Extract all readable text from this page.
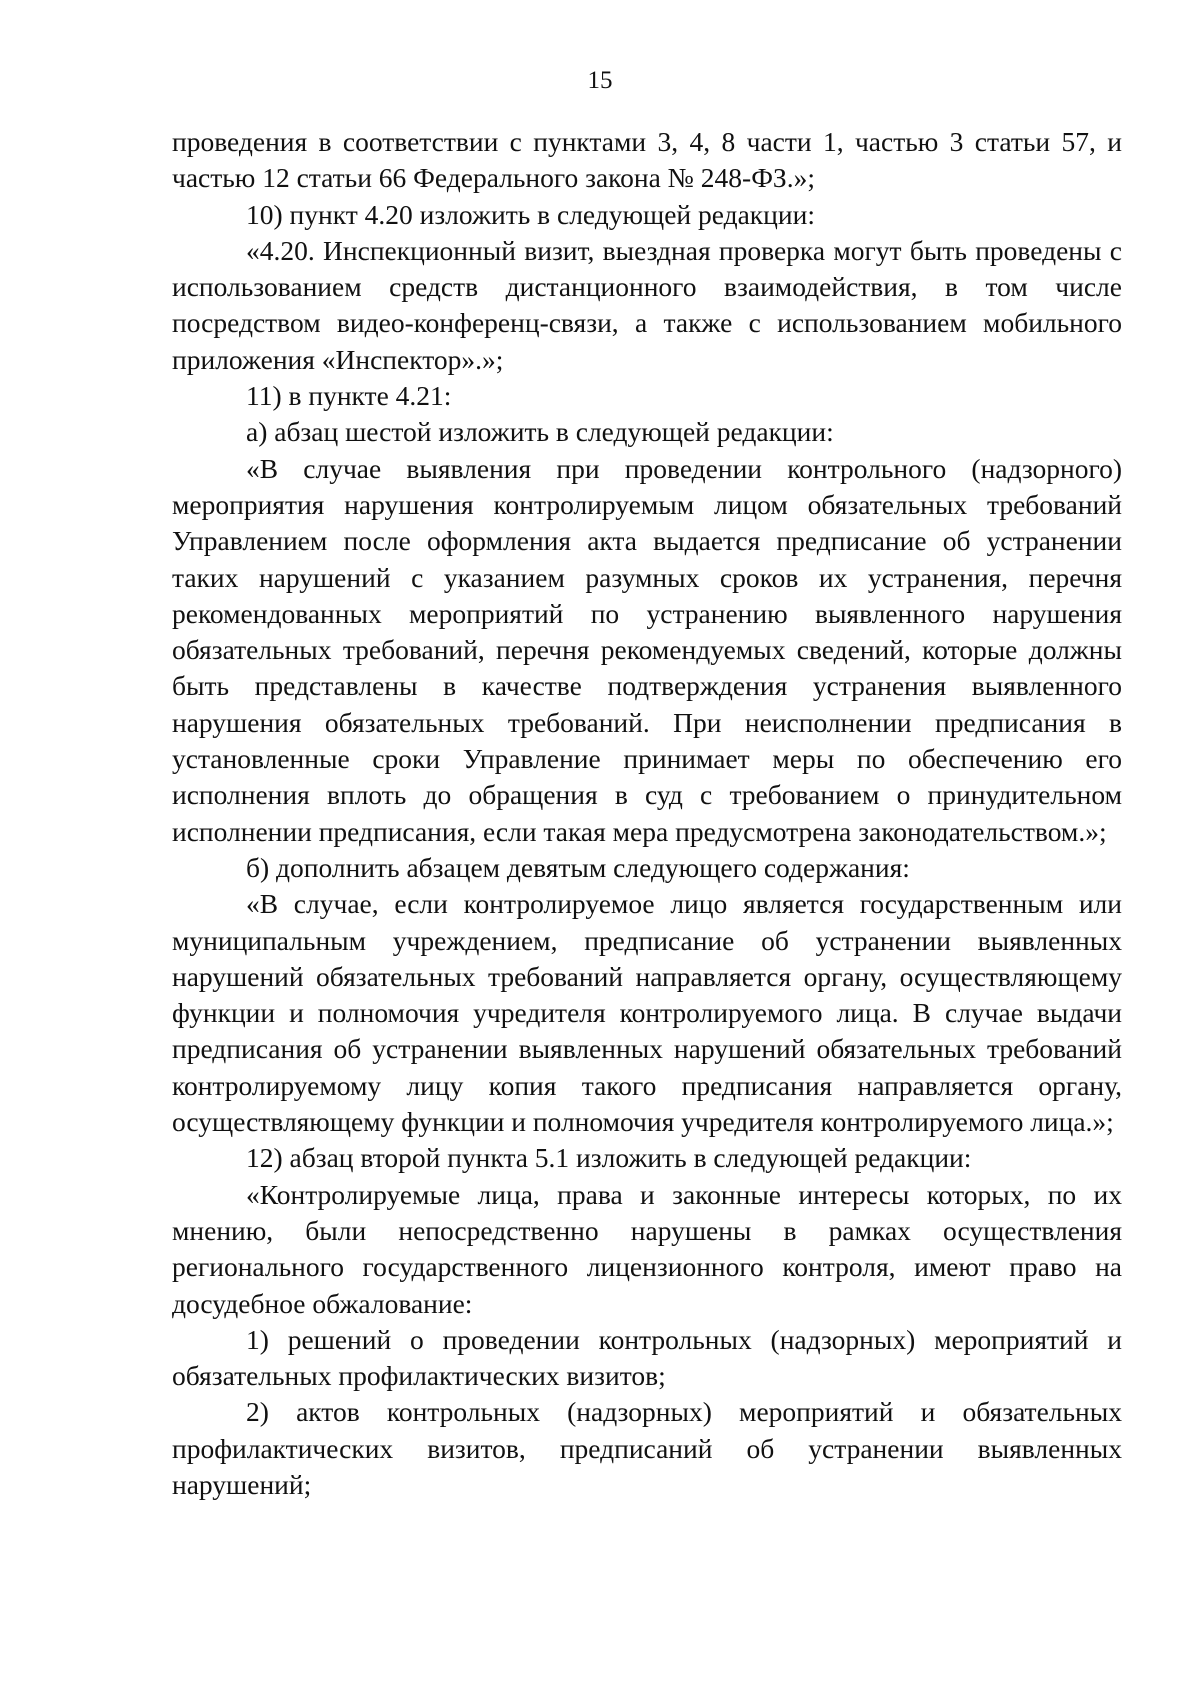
15

проведения в соответствии с пунктами 3, 4, 8 части 1, частью 3 статьи 57, и частью 12 статьи 66 Федерального закона № 248-ФЗ.»;

10) пункт 4.20 изложить в следующей редакции:

«4.20. Инспекционный визит, выездная проверка могут быть проведены с использованием средств дистанционного взаимодействия, в том числе посредством видео-конференц-связи, а также с использованием мобильного приложения «Инспектор».»;

11) в пункте 4.21:

а) абзац шестой изложить в следующей редакции:

«В случае выявления при проведении контрольного (надзорного) мероприятия нарушения контролируемым лицом обязательных требований Управлением после оформления акта выдается предписание об устранении таких нарушений с указанием разумных сроков их устранения, перечня рекомендованных мероприятий по устранению выявленного нарушения обязательных требований, перечня рекомендуемых сведений, которые должны быть представлены в качестве подтверждения устранения выявленного нарушения обязательных требований. При неисполнении предписания в установленные сроки Управление принимает меры по обеспечению его исполнения вплоть до обращения в суд с требованием о принудительном исполнении предписания, если такая мера предусмотрена законодательством.»;

б) дополнить абзацем девятым следующего содержания:

«В случае, если контролируемое лицо является государственным или муниципальным учреждением, предписание об устранении выявленных нарушений обязательных требований направляется органу, осуществляющему функции и полномочия учредителя контролируемого лица. В случае выдачи предписания об устранении выявленных нарушений обязательных требований контролируемому лицу копия такого предписания направляется органу, осуществляющему функции и полномочия учредителя контролируемого лица.»;

12) абзац второй пункта 5.1 изложить в следующей редакции:

«Контролируемые лица, права и законные интересы которых, по их мнению, были непосредственно нарушены в рамках осуществления регионального государственного лицензионного контроля, имеют право на досудебное обжалование:

1) решений о проведении контрольных (надзорных) мероприятий и обязательных профилактических визитов;

2) актов контрольных (надзорных) мероприятий и обязательных профилактических визитов, предписаний об устранении выявленных нарушений;
